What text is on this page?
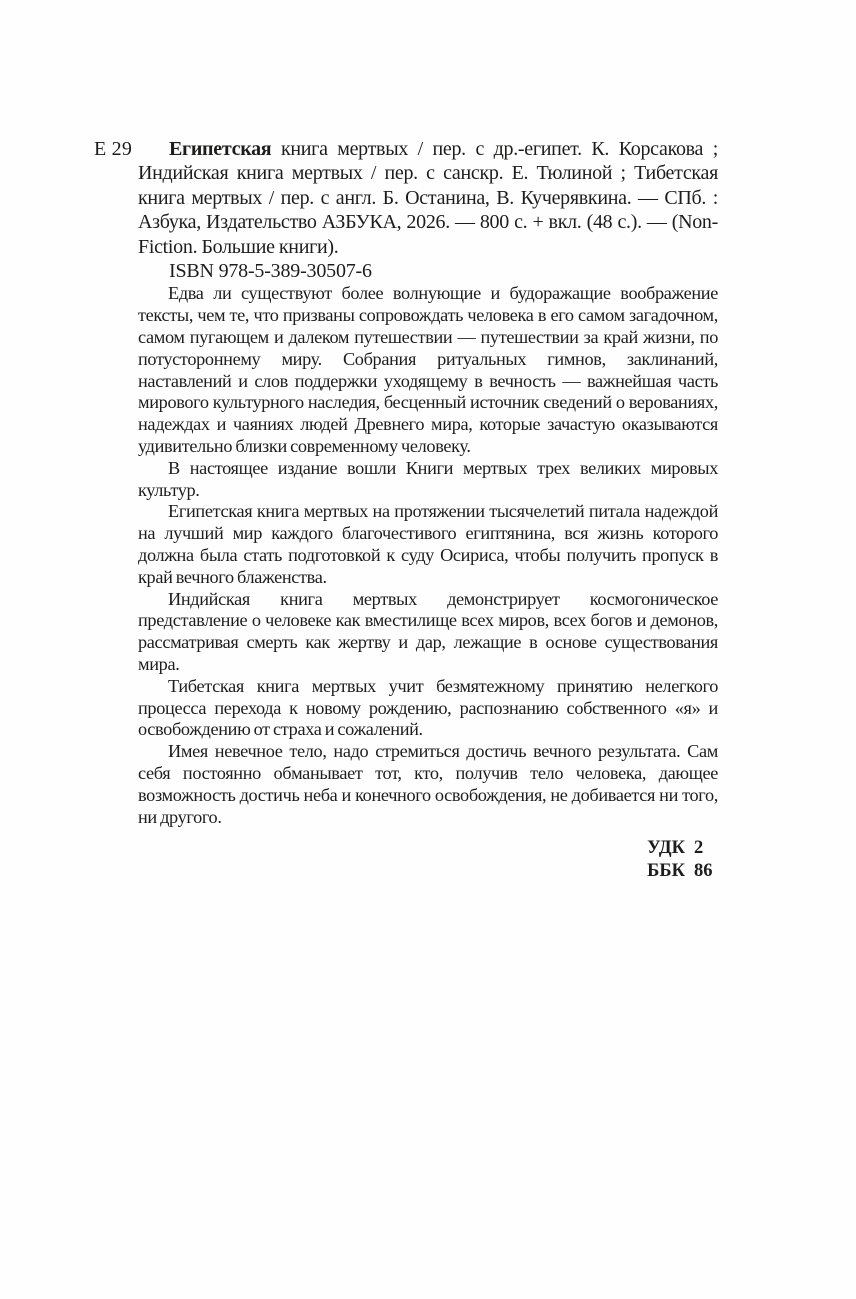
Е 29	Египетская книга мертвых / пер. с др.-египет. К. Корсакова ; Индийская книга мертвых / пер. с санскр. Е. Тюлиной ; Тибетская книга мертвых / пер. с англ. Б. Останина, В. Кучерявкина. — СПб. : Азбука, Издательство АЗБУКА, 2026. — 800 с. + вкл. (48 с.). — (Non-Fiction. Большие книги).
ISBN 978-5-389-30507-6

Едва ли существуют более волнующие и будоражащие воображение тексты, чем те, что призваны сопровождать человека в его самом загадочном, самом пугающем и далеком путешествии — путешествии за край жизни, по потустороннему миру. Собрания ритуальных гимнов, заклинаний, наставлений и слов поддержки уходящему в вечность — важнейшая часть мирового культурного наследия, бесценный источник сведений о верованиях, надеждах и чаяниях людей Древнего мира, которые зачастую оказываются удивительно близки современному человеку.

В настоящее издание вошли Книги мертвых трех великих мировых культур.

Египетская книга мертвых на протяжении тысячелетий питала надеждой на лучший мир каждого благочестивого египтянина, вся жизнь которого должна была стать подготовкой к суду Осириса, чтобы получить пропуск в край вечного блаженства.

Индийская книга мертвых демонстрирует космогоническое представление о человеке как вместилище всех миров, всех богов и демонов, рассматривая смерть как жертву и дар, лежащие в основе существования мира.

Тибетская книга мертвых учит безмятежному принятию нелегкого процесса перехода к новому рождению, распознанию собственного «я» и освобождению от страха и сожалений.

Имея невечное тело, надо стремиться достичь вечного результата. Сам себя постоянно обманывает тот, кто, получив тело человека, дающее возможность достичь неба и конечного освобождения, не добивается ни того, ни другого.

УДК 2
ББК 86
